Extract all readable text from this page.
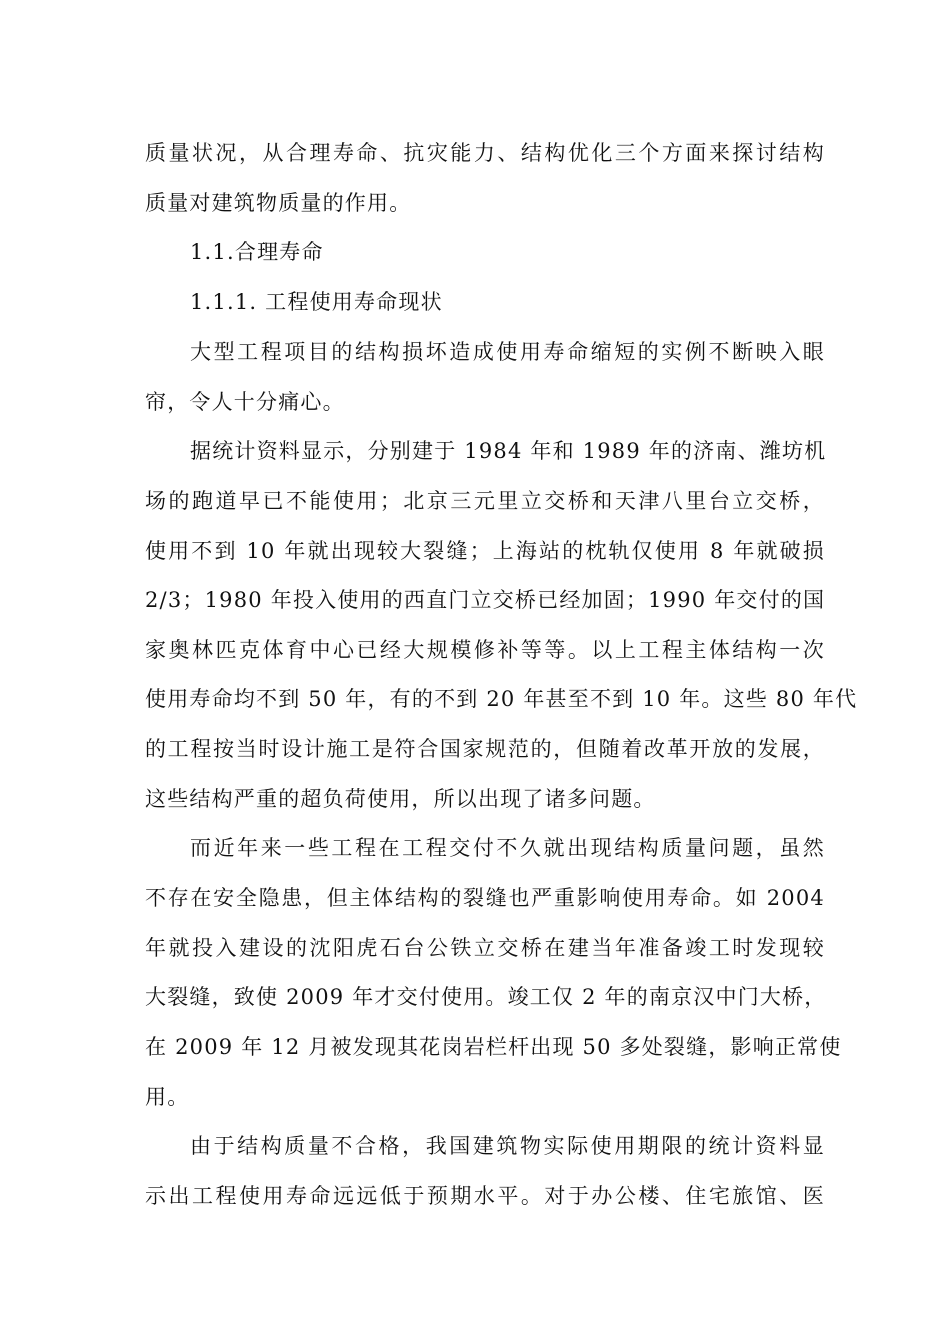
质量状况，从合理寿命、抗灾能力、结构优化三个方面来探讨结构
质量对建筑物质量的作用。
1.1.合理寿命
1.1.1. 工程使用寿命现状
大型工程项目的结构损坏造成使用寿命缩短的实例不断映入眼
帘，令人十分痛心。
据统计资料显示，分别建于 1984 年和 1989 年的济南、潍坊机
场的跑道早已不能使用；北京三元里立交桥和天津八里台立交桥，
使用不到 10 年就出现较大裂缝；上海站的枕轨仅使用 8 年就破损
2/3；1980 年投入使用的西直门立交桥已经加固；1990 年交付的国
家奥林匹克体育中心已经大规模修补等等。以上工程主体结构一次
使用寿命均不到 50 年，有的不到 20 年甚至不到 10 年。这些 80 年代
的工程按当时设计施工是符合国家规范的，但随着改革开放的发展，
这些结构严重的超负荷使用，所以出现了诸多问题。
而近年来一些工程在工程交付不久就出现结构质量问题，虽然
不存在安全隐患，但主体结构的裂缝也严重影响使用寿命。如 2004
年就投入建设的沈阳虎石台公铁立交桥在建当年准备竣工时发现较
大裂缝，致使 2009 年才交付使用。竣工仅 2 年的南京汉中门大桥，
在 2009 年 12 月被发现其花岗岩栏杆出现 50 多处裂缝，影响正常使
用。
由于结构质量不合格，我国建筑物实际使用期限的统计资料显
示出工程使用寿命远远低于预期水平。对于办公楼、住宅旅馆、医
